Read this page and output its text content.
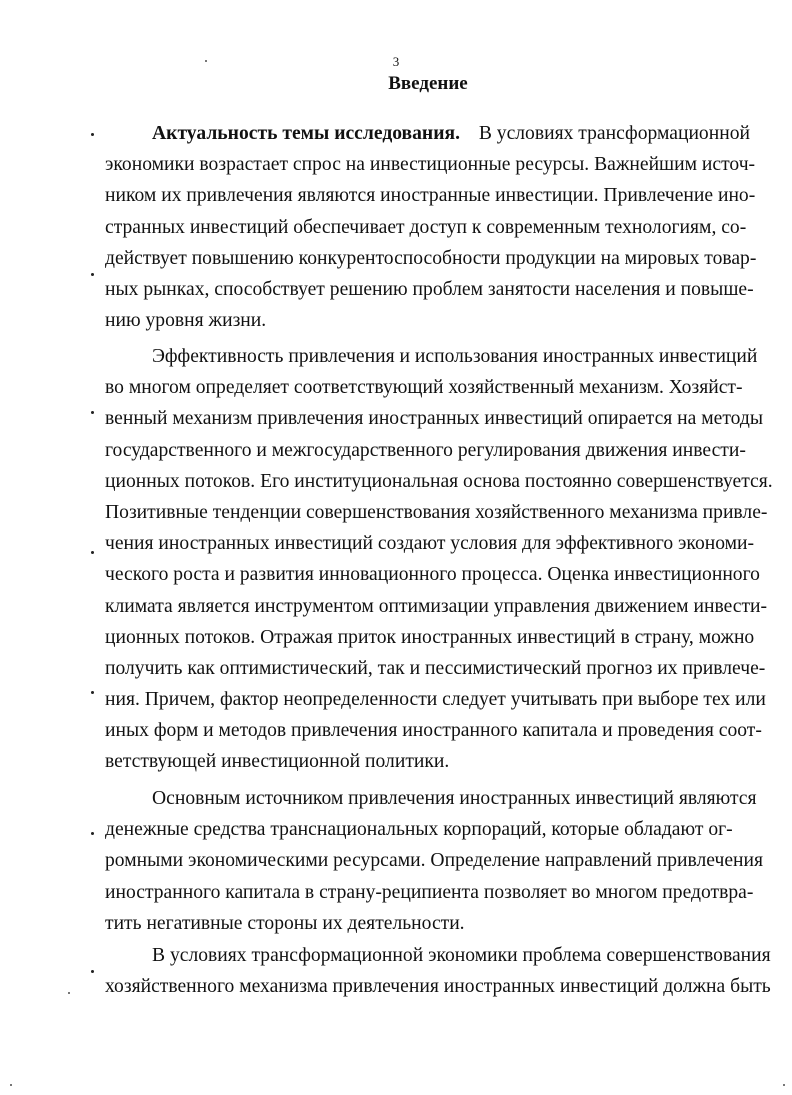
3
Введение
Актуальность темы исследования. В условиях трансформационной
экономики возрастает спрос на инвестиционные ресурсы. Важнейшим источ-
ником их привлечения являются иностранные инвестиции. Привлечение ино-
странных инвестиций обеспечивает доступ к современным технологиям, со-
действует повышению конкурентоспособности продукции на мировых товар-
ных рынках, способствует решению проблем занятости населения и повыше-
нию уровня жизни.
Эффективность привлечения и использования иностранных инвестиций
во многом определяет соответствующий хозяйственный механизм. Хозяйст-
венный механизм привлечения иностранных инвестиций опирается на методы
государственного и межгосударственного регулирования движения инвести-
ционных потоков. Его институциональная основа постоянно совершенствуется.
Позитивные тенденции совершенствования хозяйственного механизма привле-
чения иностранных инвестиций создают условия для эффективного экономи-
ческого роста и развития инновационного процесса. Оценка инвестиционного
климата является инструментом оптимизации управления движением инвести-
ционных потоков. Отражая приток иностранных инвестиций в страну, можно
получить как оптимистический, так и пессимистический прогноз их привлече-
ния. Причем, фактор неопределенности следует учитывать при выборе тех или
иных форм и методов привлечения иностранного капитала и проведения соот-
ветствующей инвестиционной политики.
Основным источником привлечения иностранных инвестиций являются
денежные средства транснациональных корпораций, которые обладают ог-
ромными экономическими ресурсами. Определение направлений привлечения
иностранного капитала в страну-реципиента позволяет во многом предотвра-
тить негативные стороны их деятельности.
В условиях трансформационной экономики проблема совершенствования
хозяйственного механизма привлечения иностранных инвестиций должна быть
